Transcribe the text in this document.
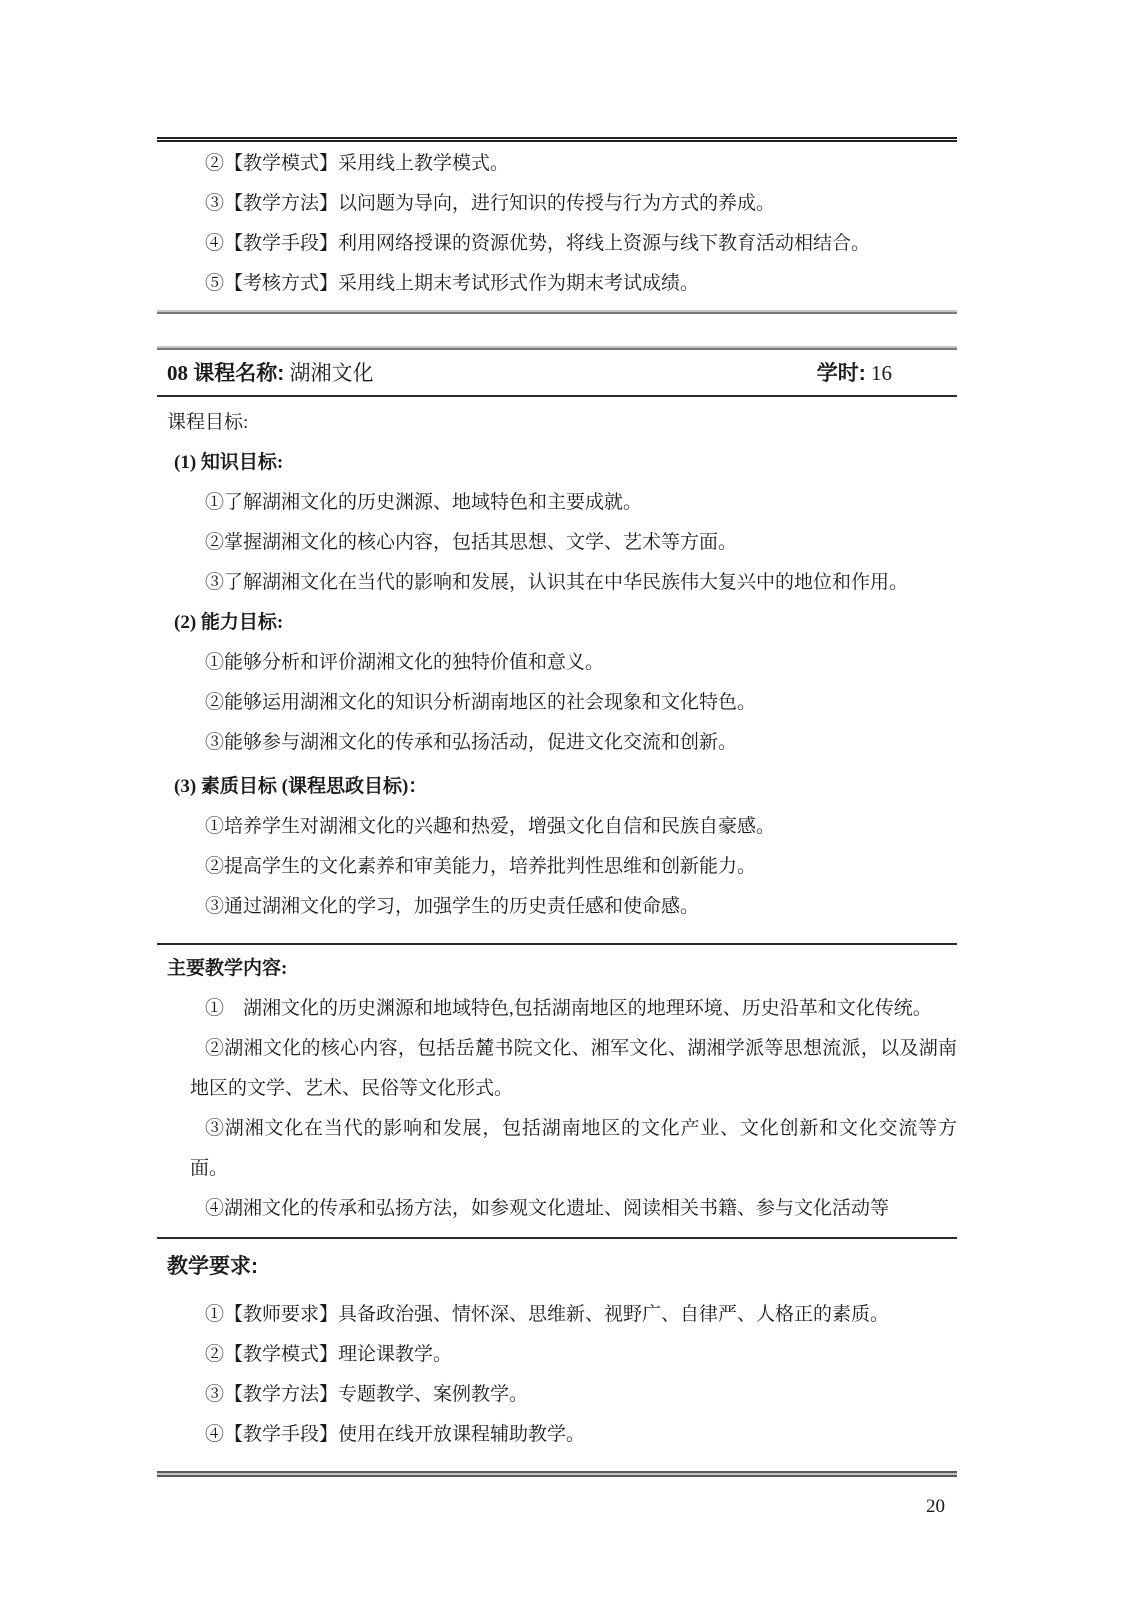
②【教学模式】采用线上教学模式。

③【教学方法】以问题为导向，进行知识的传授与行为方式的养成。

④【教学手段】利用网络授课的资源优势，将线上资源与线下教育活动相结合。

⑤【考核方式】采用线上期末考试形式作为期末考试成绩。

08 课程名称: 湖湘文化	学时: 16

课程目标:

(1) 知识目标:

①了解湖湘文化的历史渊源、地域特色和主要成就。

②掌握湖湘文化的核心内容，包括其思想、文学、艺术等方面。

③了解湖湘文化在当代的影响和发展，认识其在中华民族伟大复兴中的地位和作用。

(2) 能力目标:

①能够分析和评价湖湘文化的独特价值和意义。

②能够运用湖湘文化的知识分析湖南地区的社会现象和文化特色。

③能够参与湖湘文化的传承和弘扬活动，促进文化交流和创新。

(3) 素质目标 (课程思政目标)：

①培养学生对湖湘文化的兴趣和热爱，增强文化自信和民族自豪感。

②提高学生的文化素养和审美能力，培养批判性思维和创新能力。

③通过湖湘文化的学习，加强学生的历史责任感和使命感。

主要教学内容:

①　湖湘文化的历史渊源和地域特色,包括湖南地区的地理环境、历史沿革和文化传统。

②湖湘文化的核心内容，包括岳麓书院文化、湘军文化、湖湘学派等思想流派，以及湖南地区的文学、艺术、民俗等文化形式。

③湖湘文化在当代的影响和发展，包括湖南地区的文化产业、文化创新和文化交流等方面。

④湖湘文化的传承和弘扬方法，如参观文化遗址、阅读相关书籍、参与文化活动等

教学要求:

①【教师要求】具备政治强、情怀深、思维新、视野广、自律严、人格正的素质。

②【教学模式】理论课教学。

③【教学方法】专题教学、案例教学。

④【教学手段】使用在线开放课程辅助教学。

20
